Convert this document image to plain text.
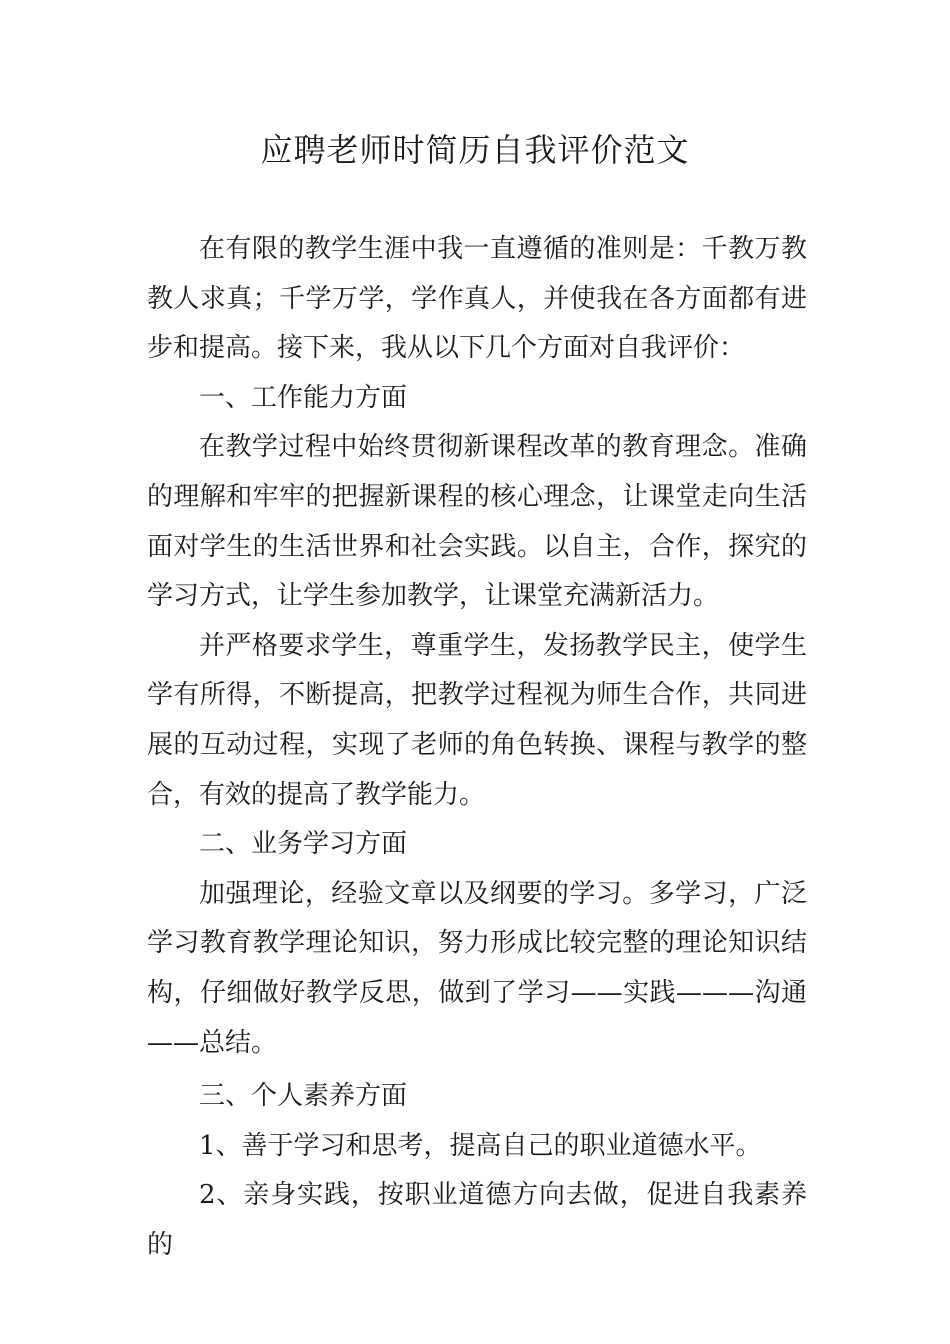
应聘老师时简历自我评价范文

在有限的教学生涯中我一直遵循的准则是：千教万教教人求真；千学万学，学作真人，并使我在各方面都有进步和提高。接下来，我从以下几个方面对自我评价：

一、工作能力方面

在教学过程中始终贯彻新课程改革的教育理念。准确的理解和牢牢的把握新课程的核心理念，让课堂走向生活面对学生的生活世界和社会实践。以自主，合作，探究的学习方式，让学生参加教学，让课堂充满新活力。

并严格要求学生，尊重学生，发扬教学民主，使学生学有所得，不断提高，把教学过程视为师生合作，共同进展的互动过程，实现了老师的角色转换、课程与教学的整合，有效的提高了教学能力。

二、业务学习方面

加强理论，经验文章以及纲要的学习。多学习，广泛学习教育教学理论知识，努力形成比较完整的理论知识结构，仔细做好教学反思，做到了学习——实践———沟通——总结。

三、个人素养方面

1、善于学习和思考，提高自己的职业道德水平。

2、亲身实践，按职业道德方向去做，促进自我素养的
